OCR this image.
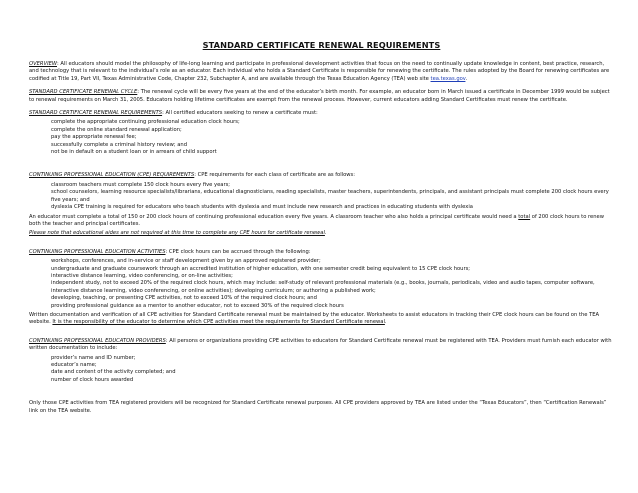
STANDARD CERTIFICATE RENEWAL REQUIREMENTS

OVERVIEW: All educators should model the philosophy of life-long learning and participate in professional development activities that focus on the need to continually update knowledge in content, best practice, research, and technology that is relevant to the individual’s role as an educator. Each individual who holds a Standard Certificate is responsible for renewing the certificate. The rules adopted by the Board for renewing certificates are codified at Title 19, Part VII, Texas Administrative Code, Chapter 232, Subchapter A, and are available through the Texas Education Agency (TEA) web site tea.texas.gov.

STANDARD CERTIFICATE RENEWAL CYCLE: The renewal cycle will be every five years at the end of the educator’s birth month. For example, an educator born in March issued a certificate in December 1999 would be subject to renewal requirements on March 31, 2005. Educators holding lifetime certificates are exempt from the renewal process. However, current educators adding Standard Certificates must renew the certificate.

STANDARD CERTIFICATE RENEWAL REQUIREMENTS: All certified educators seeking to renew a certificate must:

complete the appropriate continuing professional education clock hours;
complete the online standard renewal application;
pay the appropriate renewal fee;
successfully complete a criminal history review; and
not be in default on a student loan or in arrears of child support

CONTINUING PROFESSIONAL EDUCATION (CPE) REQUIREMENTS: CPE requirements for each class of certificate are as follows:

classroom teachers must complete 150 clock hours every five years;
school counselors, learning resource specialists/librarians, educational diagnosticians, reading specialists, master teachers, superintendents, principals, and assistant principals must complete 200 clock hours every five years; and
dyslexia CPE training is required for educators who teach students with dyslexia and must include new research and practices in educating students with dyslexia

An educator must complete a total of 150 or 200 clock hours of continuing professional education every five years. A classroom teacher who also holds a principal certificate would need a total of 200 clock hours to renew both the teacher and principal certificates.

Please note that educational aides are not required at this time to complete any CPE hours for certificate renewal.

CONTINUING PROFESSIONAL EDUCATION ACTIVITIES: CPE clock hours can be accrued through the following:

workshops, conferences, and in-service or staff development given by an approved registered provider;
undergraduate and graduate coursework through an accredited institution of higher education, with one semester credit being equivalent to 15 CPE clock hours;
interactive distance learning, video conferencing, or on-line activities;
independent study, not to exceed 20% of the required clock hours, which may include: self-study of relevant professional materials (e.g., books, journals, periodicals, video and audio tapes, computer software, interactive distance learning, video conferencing, or online activities); developing curriculum; or authoring a published work;
developing, teaching, or presenting CPE activities, not to exceed 10% of the required clock hours; and
providing professional guidance as a mentor to another educator, not to exceed 30% of the required clock hours

Written documentation and verification of all CPE activities for Standard Certificate renewal must be maintained by the educator. Worksheets to assist educators in tracking their CPE clock hours can be found on the TEA website. It is the responsibility of the educator to determine which CPE activities meet the requirements for Standard Certificate renewal.

CONTINUING PROFESSIONAL EDUCATON PROVIDERS: All persons or organizations providing CPE activities to educators for Standard Certificate renewal must be registered with TEA. Providers must furnish each educator with written documentation to include:

provider’s name and ID number;
educator’s name;
date and content of the activity completed; and
number of clock hours awarded

Only those CPE activities from TEA registered providers will be recognized for Standard Certificate renewal purposes. All CPE providers approved by TEA are listed under the “Texas Educators”, then “Certification Renewals” link on the TEA website.
